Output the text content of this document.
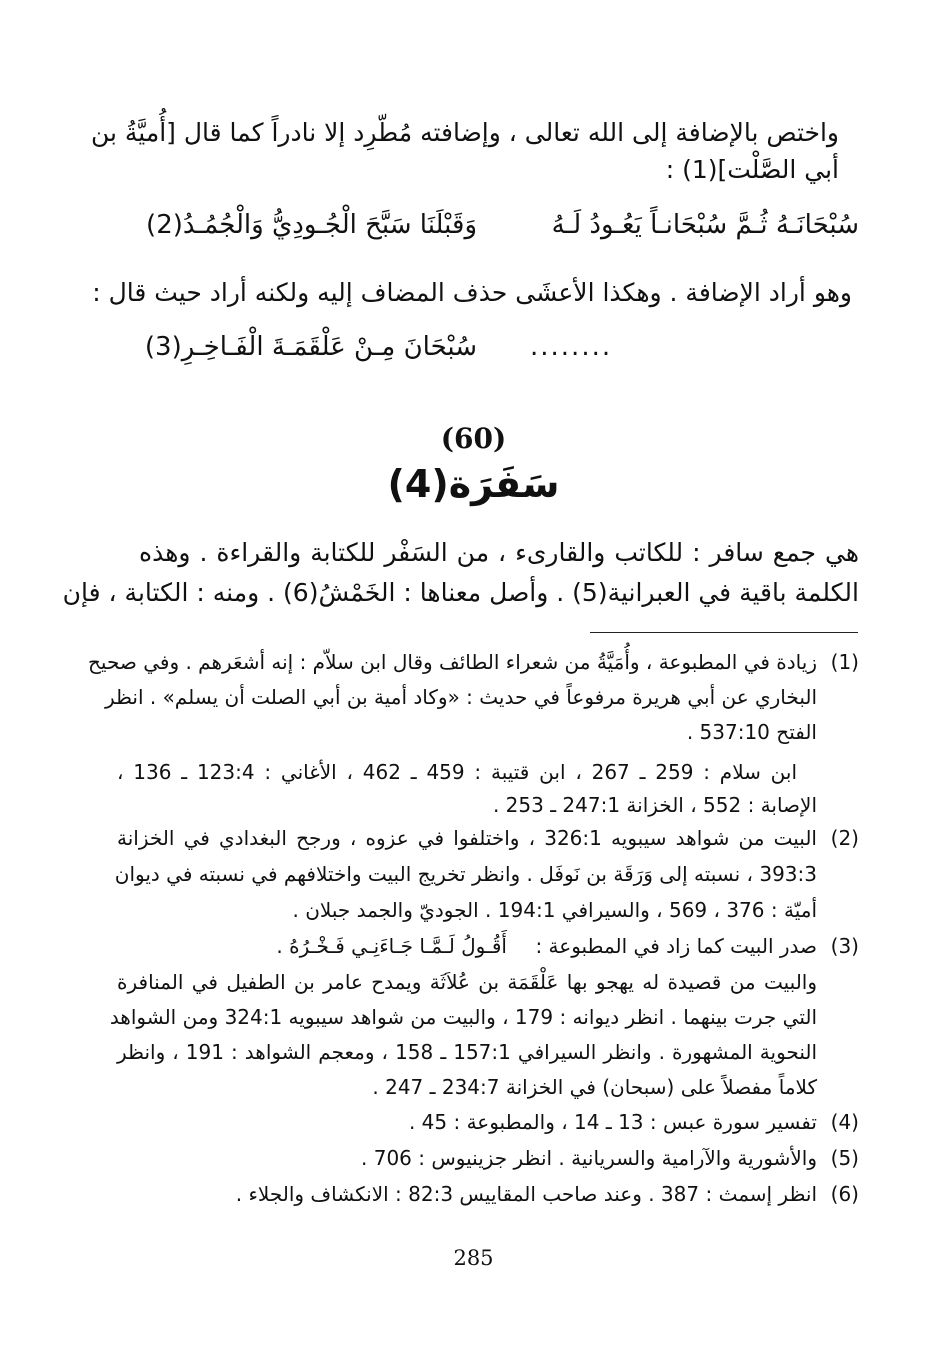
واختص بالإضافة إلى الله تعالى ، وإضافته مُطّرِد إلا نادراً كما قال [أُميَّةُ بن
أبي الصَّلْت](1) :
سُبْحَانَـهُ ثُـمَّ سُبْحَانـاً يَعُـودُ لَـهُ
وَقَبْلَنَا سَبَّحَ الْجُـودِيُّ وَالْجُمُـدُ(2)
وهو أراد الإضافة . وهكذا الأعشَى حذف المضاف إليه ولكنه أراد حيث قال :
سُبْحَانَ مِـنْ عَلْقَمَـةَ الْفَـاخِـرِ(3) ........
(60)
سَفَرَة(4)
هي جمع سافر : للكاتب والقارىء ، من السَفْر للكتابة والقراءة . وهذه
الكلمة باقية في العبرانية(5) . وأصل معناها : الخَمْشُ(6) . ومنه : الكتابة ، فإن
(1)
زيادة في المطبوعة ، وأُمَيَّةُ من شعراء الطائف وقال ابن سلاّم : إنه أشعَرهم . وفي صحيح
البخاري عن أبي هريرة مرفوعاً في حديث : «وكاد أمية بن أبي الصلت أن يسلم» . انظر
الفتح 537:10 .
ابن سلام : 259 ـ 267 ، ابن قتيبة : 459 ـ 462 ، الأغاني : 123:4 ـ 136 ،
الإصابة : 552 ، الخزانة 247:1 ـ 253 .
(2)
البيت من شواهد سيبويه 326:1 ، واختلفوا في عزوه ، ورجح البغدادي في الخزانة
393:3 ، نسبته إلى وَرَقَة بن نَوفَل . وانظر تخريج البيت واختلافهم في نسبته في ديوان
أميّة : 376 ، 569 ، والسيرافي 194:1 . الجوديّ والجمد جبلان .
(3)
صدر البيت كما زاد في المطبوعة :
أَقُـولُ لَـمَّـا جَـاءَنِـي فَـخْـرُهُ .
والبيت من قصيدة له يهجو بها عَلْقَمَة بن عُلاَثَة ويمدح عامر بن الطفيل في المنافرة
التي جرت بينهما . انظر ديوانه : 179 ، والبيت من شواهد سيبويه 324:1 ومن الشواهد
النحوية المشهورة . وانظر السيرافي 157:1 ـ 158 ، ومعجم الشواهد : 191 ، وانظر
كلاماً مفصلاً على (سبحان) في الخزانة 234:7 ـ 247 .
(4)
تفسير سورة عبس : 13 ـ 14 ، والمطبوعة : 45 .
(5)
والأشورية والآرامية والسريانية . انظر جزينيوس : 706 .
(6)
انظر إسمث : 387 . وعند صاحب المقاييس 82:3 : الانكشاف والجلاء .
285
